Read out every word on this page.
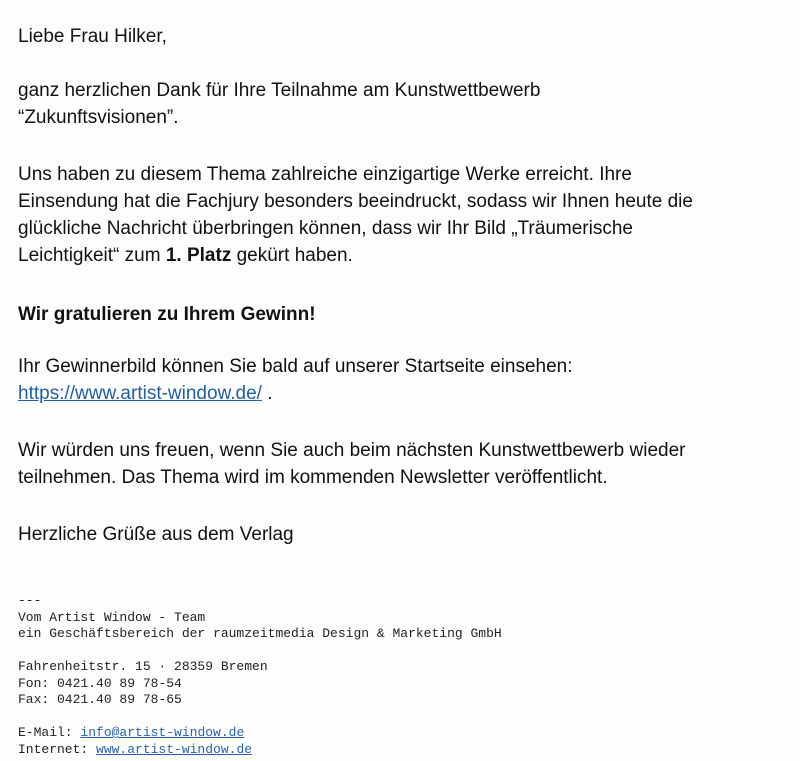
Liebe Frau Hilker,

ganz herzlichen Dank für Ihre Teilnahme am Kunstwettbewerb

“Zukunftsvisionen”.

Uns haben zu diesem Thema zahlreiche einzigartige Werke erreicht. Ihre

Einsendung hat die Fachjury besonders beeindruckt, sodass wir Ihnen heute die

glückliche Nachricht überbringen können, dass wir Ihr Bild „Träumerische

Leichtigkeit“ zum 1. Platz gekürt haben.

Wir gratulieren zu Ihrem Gewinn!

Ihr Gewinnerbild können Sie bald auf unserer Startseite einsehen:

https://www.artist-window.de/ .

Wir würden uns freuen, wenn Sie auch beim nächsten Kunstwettbewerb wieder

teilnehmen. Das Thema wird im kommenden Newsletter veröffentlicht.

Herzliche Grüße aus dem Verlag

---

Vom Artist Window - Team

ein Geschäftsbereich der raumzeitmedia Design & Marketing GmbH

Fahrenheitstr. 15 · 28359 Bremen

Fon: 0421.40 89 78-54

Fax: 0421.40 89 78-65

E-Mail: info@artist-window.de

Internet: www.artist-window.de
